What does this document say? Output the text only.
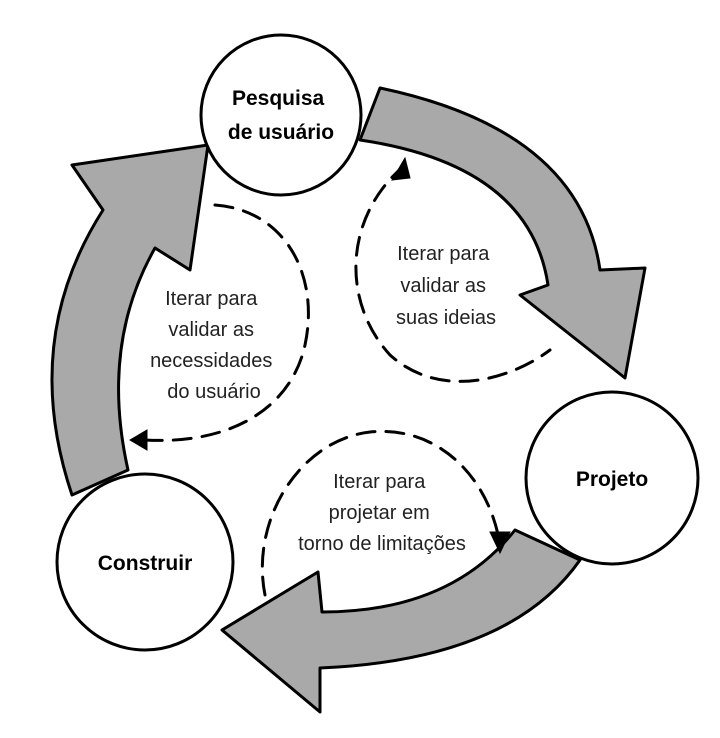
Pesquisa de usuário
Projeto
Construir
Iterar para validar as necessidades do usuário
Iterar para validar as suas ideias
Iterar para projetar em torno de limitações
